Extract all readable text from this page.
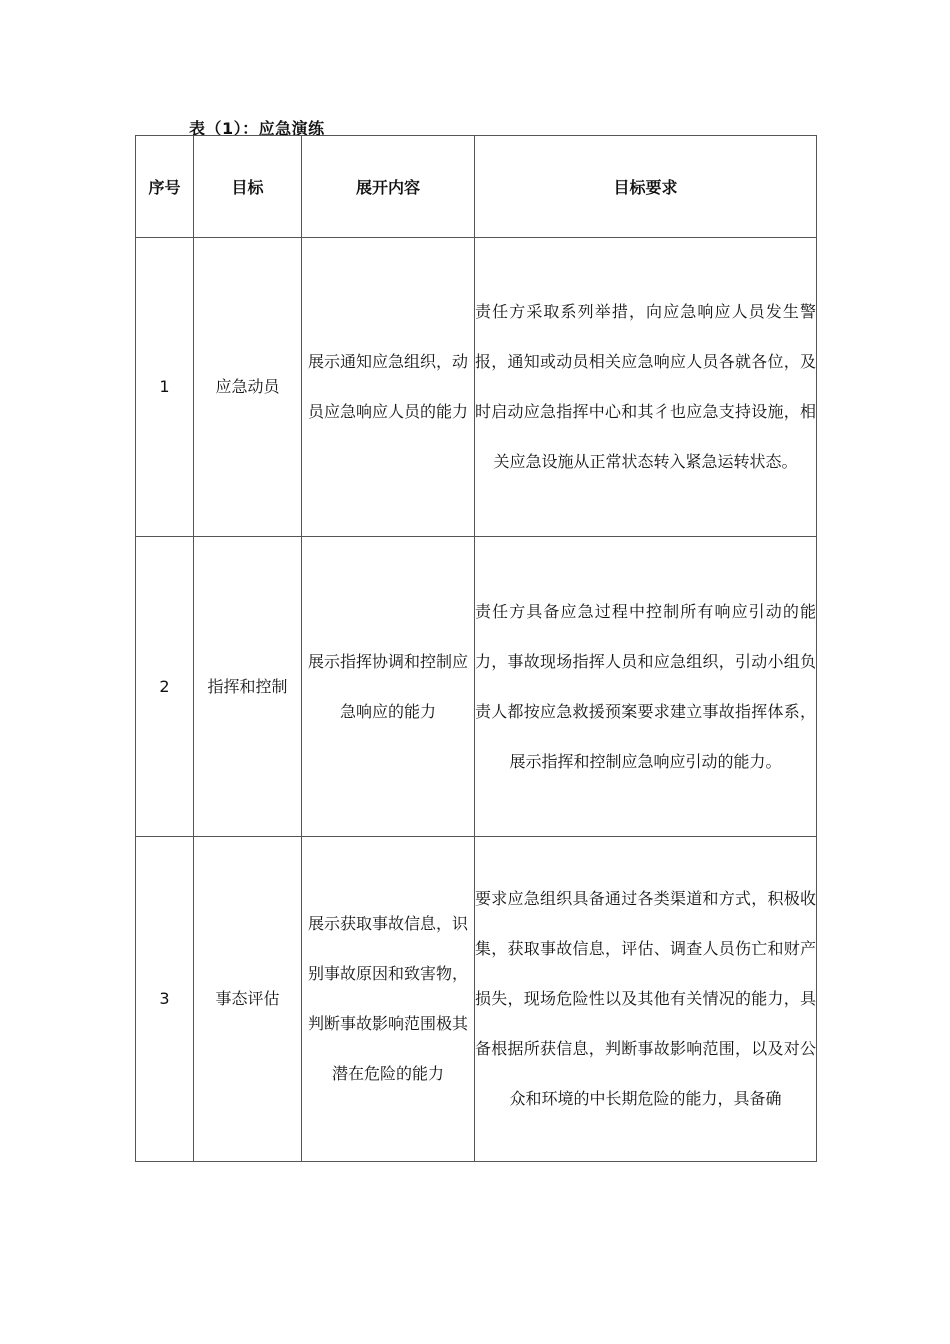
表（1）：应急演练
序号	目标	展开内容	目标要求
1	应急动员	展示通知应急组织，动员应急响应人员的能力	责任方采取系列举措，向应急响应人员发生警报，通知或动员相关应急响应人员各就各位，及时启动应急指挥中心和其彳也应急支持设施，相关应急设施从正常状态转入紧急运转状态。
2	指挥和控制	展示指挥协调和控制应急响应的能力	责任方具备应急过程中控制所有响应引动的能力，事故现场指挥人员和应急组织，引动小组负责人都按应急救援预案要求建立事故指挥体系，展示指挥和控制应急响应引动的能力。
3	事态评估	展示获取事故信息，识别事故原因和致害物，判断事故影响范围极其潜在危险的能力	要求应急组织具备通过各类渠道和方式，积极收集，获取事故信息，评估、调查人员伤亡和财产损失，现场危险性以及其他有关情况的能力，具备根据所获信息，判断事故影响范围，以及对公众和环境的中长期危险的能力，具备确
